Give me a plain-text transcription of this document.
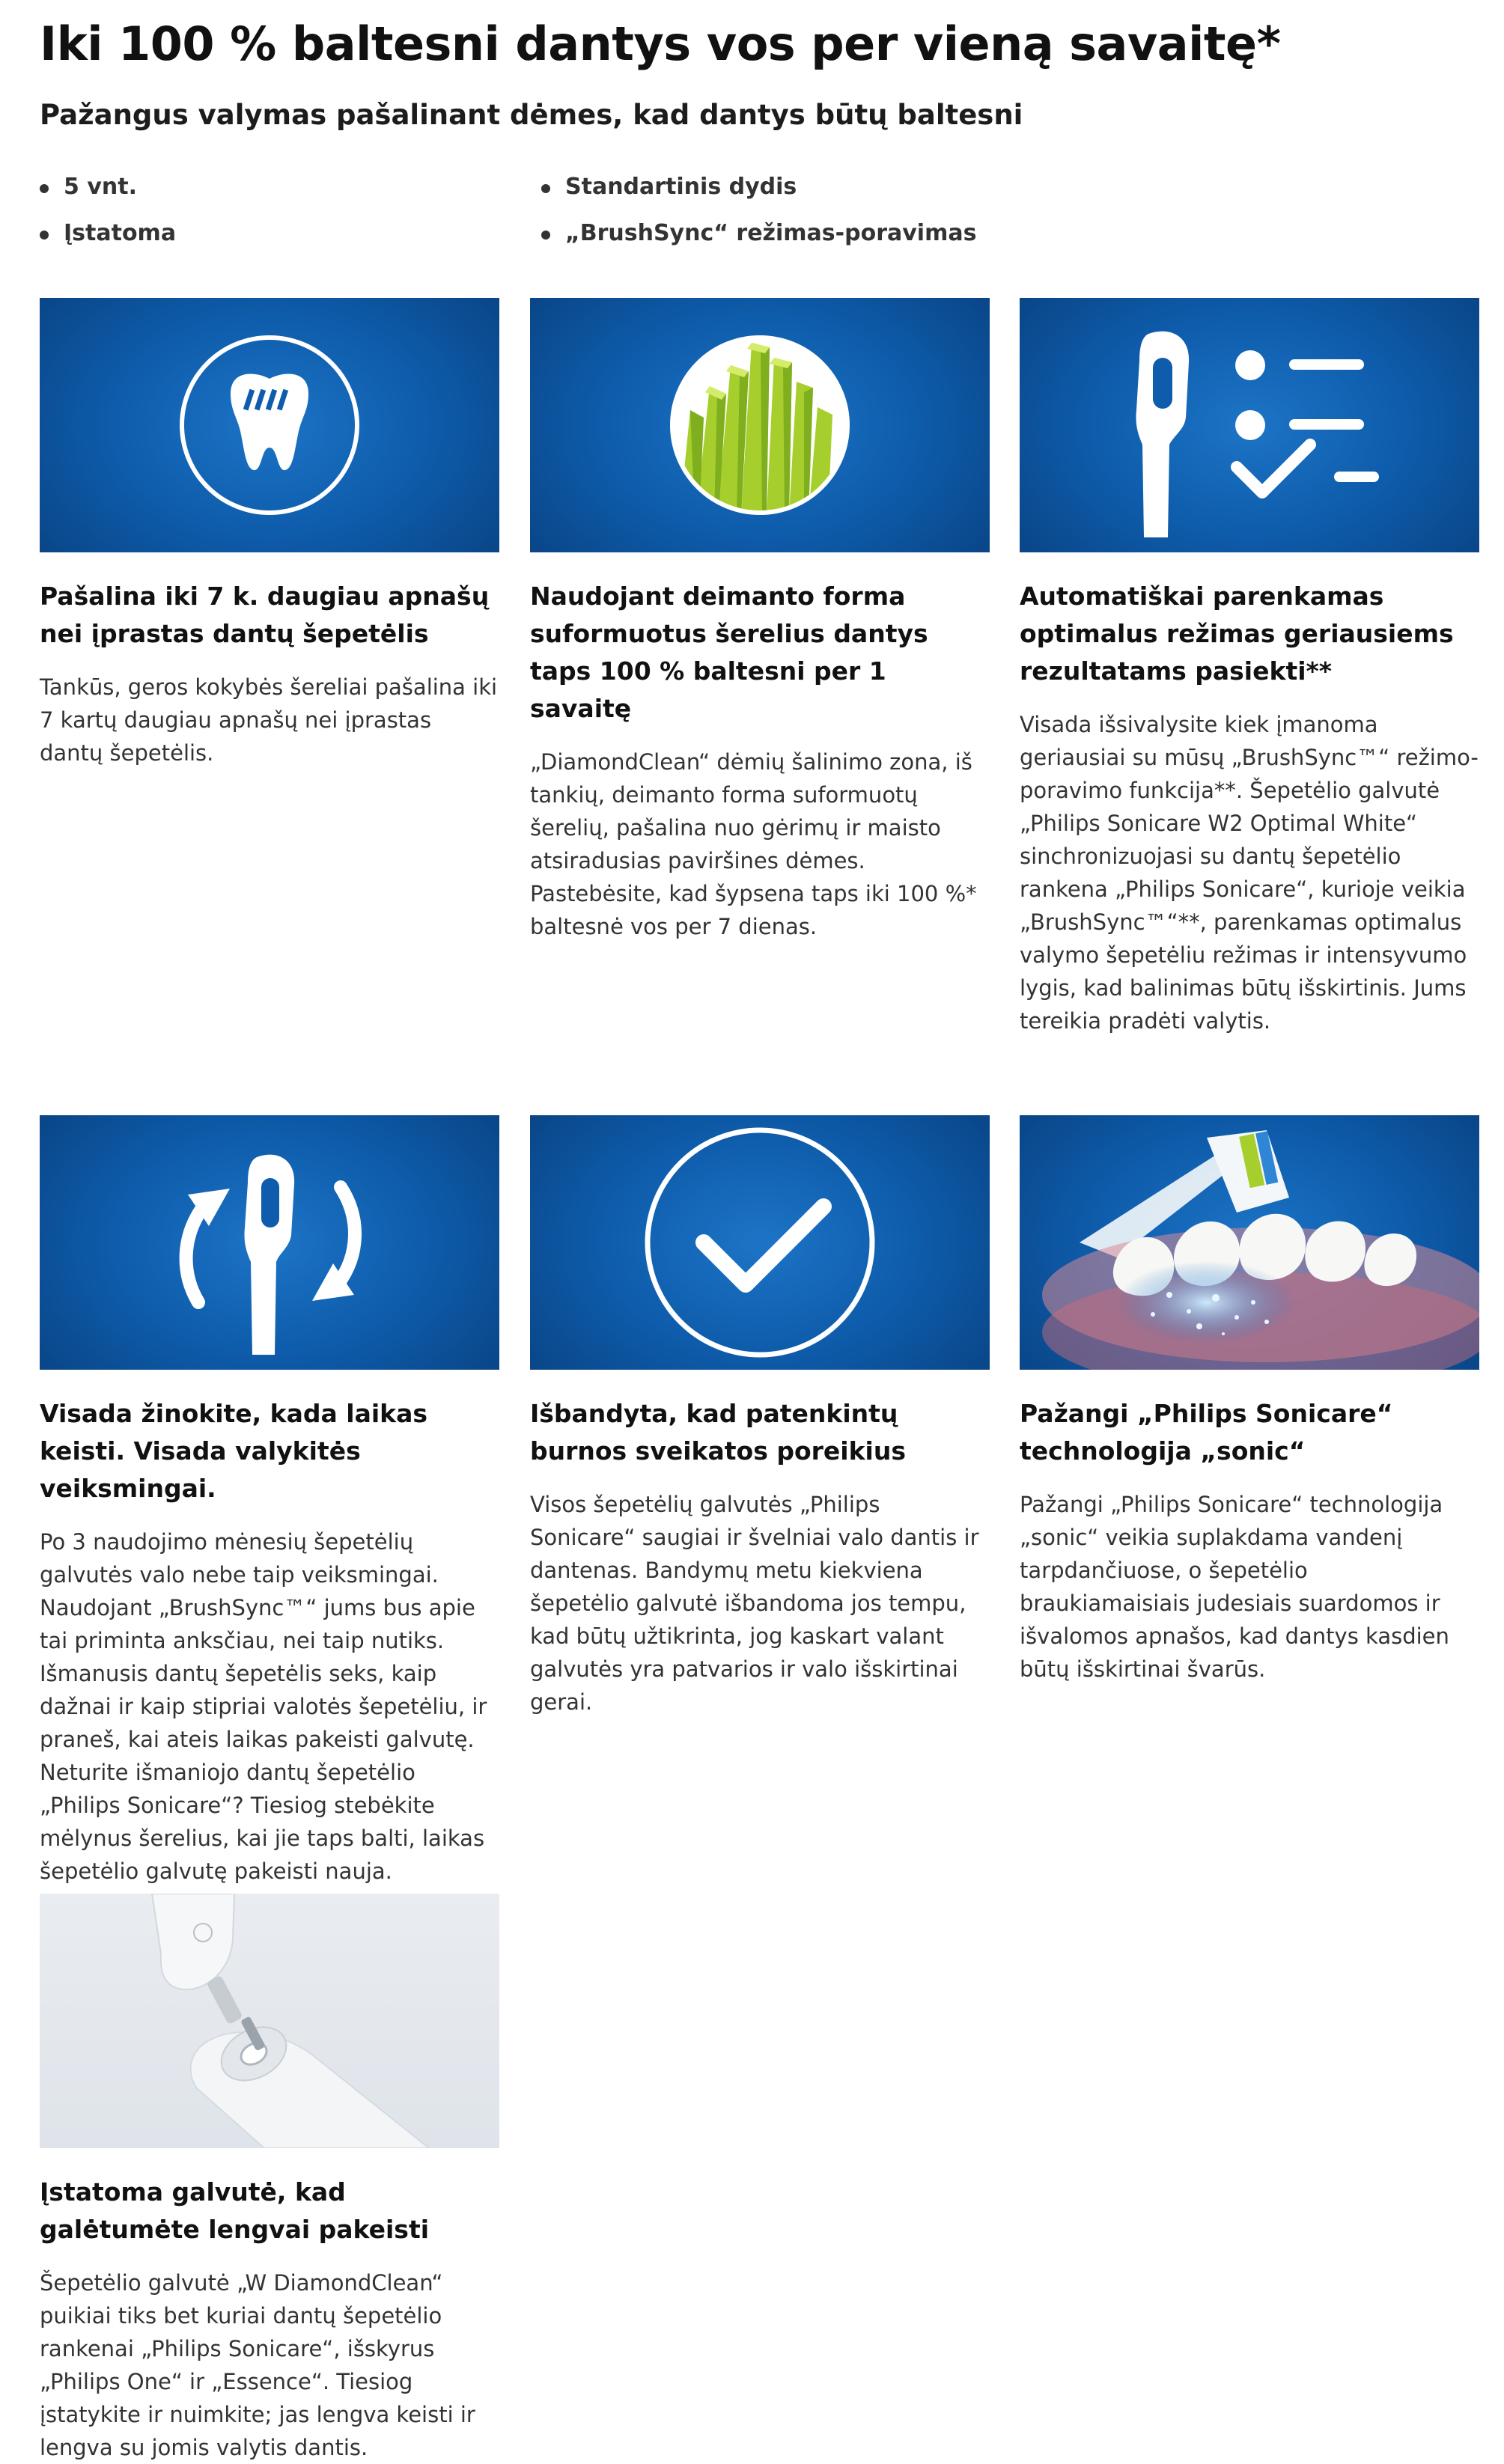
Iki 100 % baltesni dantys vos per vieną savaitę*
Pažangus valymas pašalinant dėmes, kad dantys būtų baltesni
5 vnt.
Įstatoma
Standartinis dydis
„BrushSync“ režimas-poravimas
Pašalina iki 7 k. daugiau apnašų nei įprastas dantų šepetėlis

Tankūs, geros kokybės šereliai pašalina iki 7 kartų daugiau apnašų nei įprastas dantų šepetėlis.

Naudojant deimanto forma suformuotus šerelius dantys taps 100 % baltesni per 1 savaitę

„DiamondClean“ dėmių šalinimo zona, iš tankių, deimanto forma suformuotų šerelių, pašalina nuo gėrimų ir maisto atsiradusias paviršines dėmes. Pastebėsite, kad šypsena taps iki 100 %* baltesnė vos per 7 dienas.

Automatiškai parenkamas optimalus režimas geriausiems rezultatams pasiekti**

Visada išsivalysite kiek įmanoma geriausiai su mūsų „BrushSync™“ režimo-poravimo funkcija**. Šepetėlio galvutė „Philips Sonicare W2 Optimal White“ sinchronizuojasi su dantų šepetėlio rankena „Philips Sonicare“, kurioje veikia „BrushSync™“**, parenkamas optimalus valymo šepetėliu režimas ir intensyvumo lygis, kad balinimas būtų išskirtinis. Jums tereikia pradėti valytis.

Visada žinokite, kada laikas keisti. Visada valykitės veiksmingai.

Po 3 naudojimo mėnesių šepetėlių galvutės valo nebe taip veiksmingai. Naudojant „BrushSync™“ jums bus apie tai priminta anksčiau, nei taip nutiks. Išmanusis dantų šepetėlis seks, kaip dažnai ir kaip stipriai valotės šepetėliu, ir praneš, kai ateis laikas pakeisti galvutę. Neturite išmaniojo dantų šepetėlio „Philips Sonicare“? Tiesiog stebėkite mėlynus šerelius, kai jie taps balti, laikas šepetėlio galvutę pakeisti nauja.

Išbandyta, kad patenkintų burnos sveikatos poreikius

Visos šepetėlių galvutės „Philips Sonicare“ saugiai ir švelniai valo dantis ir dantenas. Bandymų metu kiekviena šepetėlio galvutė išbandoma jos tempu, kad būtų užtikrinta, jog kaskart valant galvutės yra patvarios ir valo išskirtinai gerai.

Pažangi „Philips Sonicare“ technologija „sonic“

Pažangi „Philips Sonicare“ technologija „sonic“ veikia suplakdama vandenį tarpdančiuose, o šepetėlio braukiamaisiais judesiais suardomos ir išvalomos apnašos, kad dantys kasdien būtų išskirtinai švarūs.

Įstatoma galvutė, kad galėtumėte lengvai pakeisti

Šepetėlio galvutė „W DiamondClean“ puikiai tiks bet kuriai dantų šepetėlio rankenai „Philips Sonicare“, išskyrus „Philips One“ ir „Essence“. Tiesiog įstatykite ir nuimkite; jas lengva keisti ir lengva su jomis valytis dantis.
